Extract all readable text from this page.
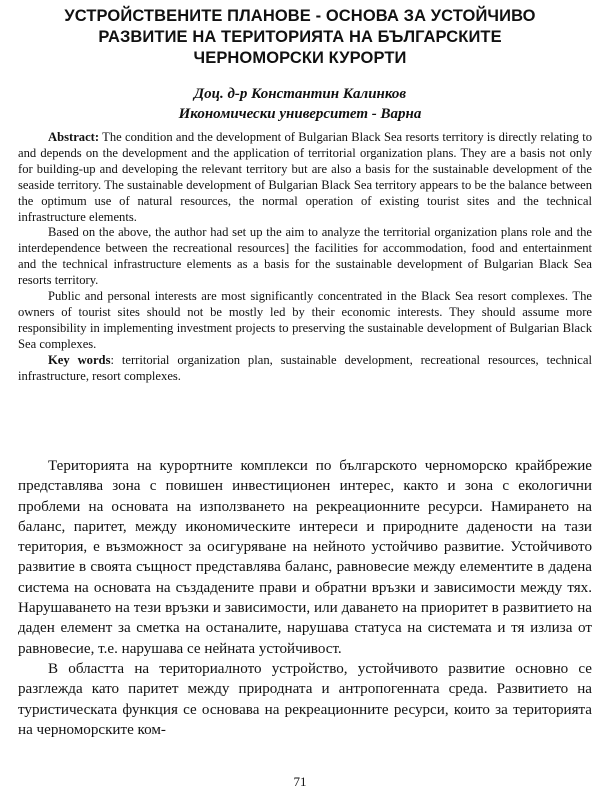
УСТРОЙСТВЕНИТЕ ПЛАНОВЕ - ОСНОВА ЗА УСТОЙЧИВО
РАЗВИТИЕ НА ТЕРИТОРИЯТА НА БЪЛГАРСКИТЕ
ЧЕРНОМОРСКИ КУРОРТИ
Доц. д-р Константин Калинков
Икономически университет - Варна

Abstract: The condition and the development of Bulgarian Black Sea resorts territory is directly relating to and depends on the development and the application of territorial organization plans. They are a basis not only for building-up and developing the relevant territory but are also a basis for the sustainable development of the seaside territory. The sustainable development of Bulgarian Black Sea territory appears to be the balance between the optimum use of natural resources, the normal operation of existing tourist sites and the technical infrastructure elements.

Based on the above, the author had set up the aim to analyze the territorial organization plans role and the interdependence between the recreational resources] the facilities for accommodation, food and entertainment and the technical infrastructure elements as a basis for the sustainable development of Bulgarian Black Sea resorts territory.

Public and personal interests are most significantly concentrated in the Black Sea resort complexes. The owners of tourist sites should not be mostly led by their economic interests. They should assume more responsibility in implementing investment projects to preserving the sustainable development of Bulgarian Black Sea complexes.

Key words: territorial organization plan, sustainable development, recreational resources, technical infrastructure, resort complexes.

Територията на курортните комплекси по българското черноморско крайбрежие представлява зона с повишен инвестиционен интерес, както и зона с екологични проблеми на основата на използването на рекреационните ресурси. Намирането на баланс, паритет, между икономическите интереси и природните дадености на тази територия, е възможност за осигуряване на нейното устойчиво развитие. Устойчивото развитие в своята същност представлява баланс, равновесие между елементите в дадена система на основата на създадените прави и обратни връзки и зависимости между тях. Нарушаването на тези връзки и зависимости, или даването на приоритет в развитието на даден елемент за сметка на останалите, нарушава статуса на системата и тя излиза от равновесие, т.е. нарушава се нейната устойчивост.

В областта на териториалното устройство, устойчивото развитие основно се разглежда като паритет между природната и антропогенната среда. Развитието на туристическата функция се основава на рекреационните ресурси, които за територията на черноморските ком-

71
